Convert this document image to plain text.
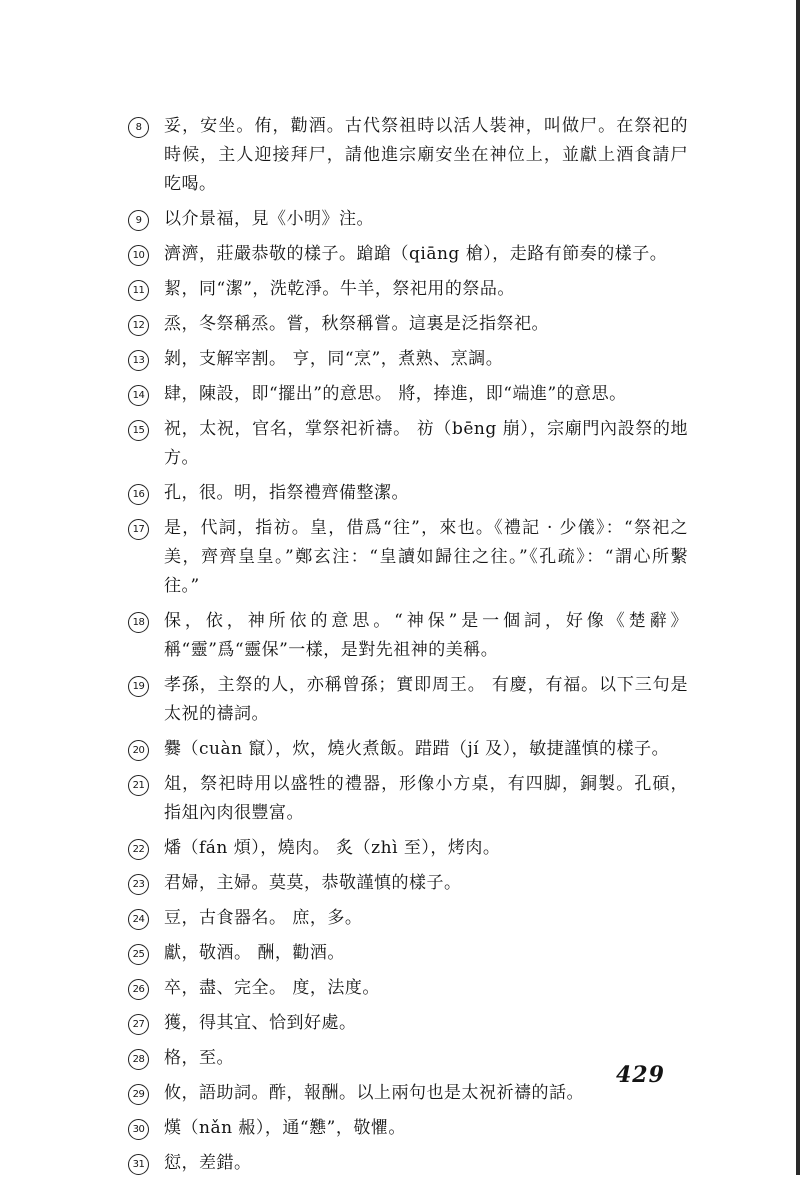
8	妥，安坐。侑，勸酒。古代祭祖時以活人裝神，叫做尸。在祭祀的時候，主人迎接拜尸，請他進宗廟安坐在神位上，並獻上酒食請尸吃喝。
9	以介景福，見《小明》注。
10 濟濟，莊嚴恭敬的樣子。蹌蹌（qiāng 槍），走路有節奏的樣子。
11 絜，同“潔”，洗乾淨。牛羊，祭祀用的祭品。
12 烝，冬祭稱烝。嘗，秋祭稱嘗。這裏是泛指祭祀。
13 剝，支解宰割。 亨，同“烹”，煮熟、烹調。
14 肆，陳設，即“擺出”的意思。 將，捧進，即“端進”的意思。
15 祝，太祝，官名，掌祭祀祈禱。 祊（bēng 崩），宗廟門內設祭的地方。
16 孔，很。明，指祭禮齊備整潔。
17 是，代詞，指祊。皇，借爲“往”，來也。《禮記 · 少儀》：“祭祀之美，齊齊皇皇。”鄭玄注：“皇讀如歸往之往。”《孔疏》：“謂心所繫往。”
18 保，依，神所依的意思。“神保”是一個詞，好像《楚辭》稱“靈”爲“靈保”一樣，是對先祖神的美稱。
19 孝孫，主祭的人，亦稱曾孫；實即周王。 有慶，有福。以下三句是太祝的禱詞。
20 爨（cuàn 竄），炊，燒火煮飯。踖踖（jí 及），敏捷謹慎的樣子。
21 俎，祭祀時用以盛牲的禮器，形像小方桌，有四脚，銅製。孔碩，指俎內肉很豐富。
22 燔（fán 煩），燒肉。 炙（zhì 至），烤肉。
23 君婦，主婦。莫莫，恭敬謹慎的樣子。
24 豆，古食器名。 庶，多。
25 獻，敬酒。 酬，勸酒。
26 卒，盡、完全。 度，法度。
27 獲，得其宜、恰到好處。
28 格，至。
29 攸，語助詞。酢，報酬。以上兩句也是太祝祈禱的話。
30 熯（nǎn 赧），通“戁”，敬懼。
31 愆，差錯。
429
